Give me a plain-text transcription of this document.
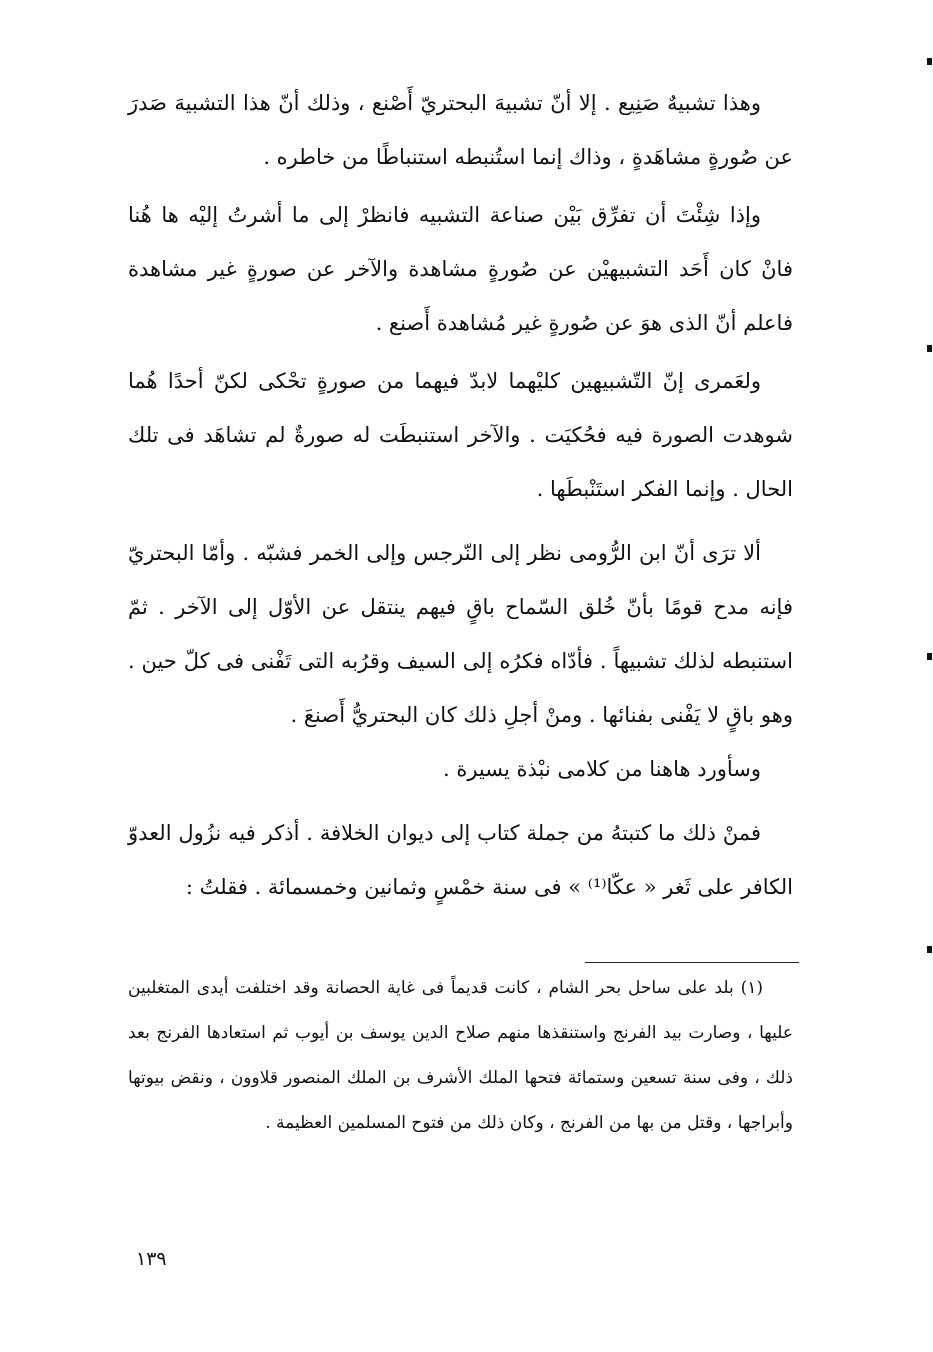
وهذا تشبيهٌ صَنِيع . إلا أنّ تشبيهَ البحتريّ أَصْنع ، وذلك أنّ هذا التشبيهَ صَدرَ عن صُورةٍ مشاهَدةٍ ، وذاك إنما استُنبطه استنباطًا من خاطره .

وإذا شِئْتَ أن تفرِّق بَيْن صناعة التشبيه فانظرْ إلى ما أشرتُ إليْه ها هُنا فانْ كان أَحَد التشبيهيْن عن صُورةٍ مشاهدة والآخر عن صورةٍ غير مشاهدة فاعلم أنّ الذى هوَ عن صُورةٍ غير مُشاهدة أَصنع .

ولعَمرى إنّ التّشبيهين كليْهما لابدّ فيهما من صورةٍ تحْكى لكنّ أحدًا هُما شوهدت الصورة فيه فحُكيَت . والآخر استنبطَت له صورةٌ لم تشاهَد فى تلك الحال . وإنما الفكر استَنْبطَها .

ألا ترَى أنّ ابن الرُّومى نظر إلى النّرجس وإلى الخمر فشبّه . وأمّا البحتريّ فإنه مدح قومًا بأنّ خُلق السّماح باقٍ فيهم ينتقل عن الأوّل إلى الآخر . ثمّ استنبطه لذلك تشبيهاً . فأدّاه فكرُه إلى السيف وقرُبه التى تَفْنى فى كلّ حين . وهو باقٍ لا يَفْنى بفنائها . ومنْ أجلِ ذلك كان البحتريُّ أَصنعَ .

وسأورد هاهنا من كلامى نبْذة يسيرة .

فمنْ ذلك ما كتبتهُ من جملة كتاب إلى ديوان الخلافة . أذكر فيه نزُول العدوّ الكافر على ثَغر « عكّا⁽¹⁾ » فى سنة خمْسٍ وثمانين وخمسمائة . فقلتُ :

(١) بلد على ساحل بحر الشام ، كانت قديماً فى غاية الحصانة وقد اختلفت أيدى المتغلبين عليها ، وصارت بيد الفرنج واستنقذها منهم صلاح الدين يوسف بن أيوب ثم استعادها الفرنج بعد ذلك ، وفى سنة تسعين وستمائة فتحها الملك الأشرف بن الملك المنصور قلاوون ، ونقض بيوتها وأبراجها ، وقتل من بها من الفرنج ، وكان ذلك من فتوح المسلمين العظيمة .

١٣٩
